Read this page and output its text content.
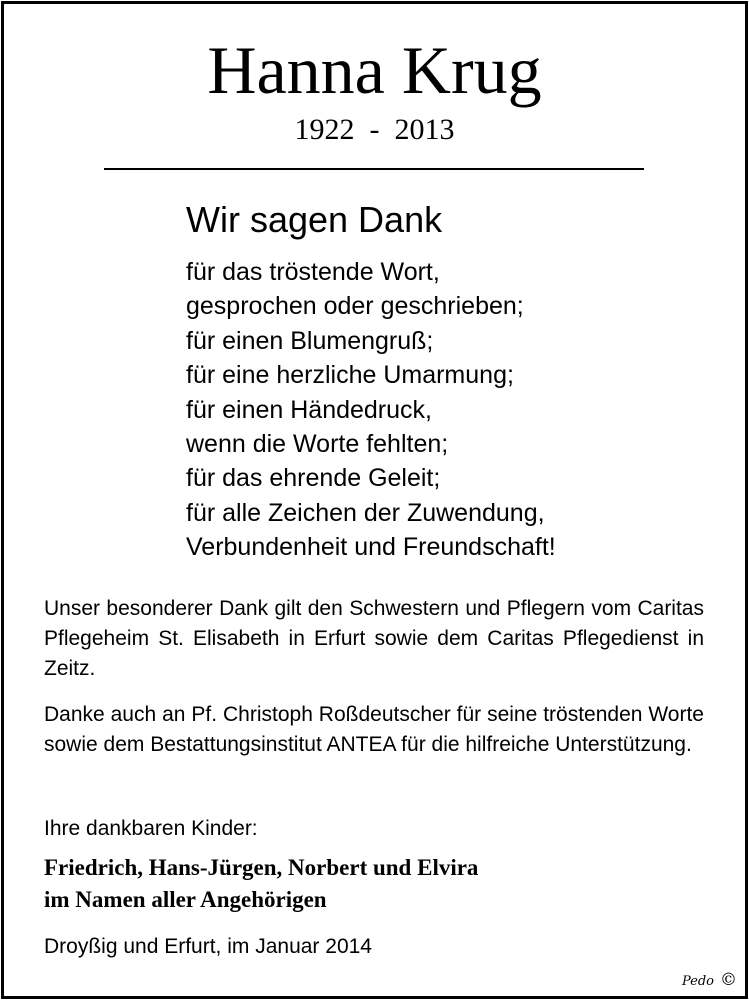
Hanna Krug
1922  -  2013
Wir sagen Dank
für das tröstende Wort,
gesprochen oder geschrieben;
für einen Blumengruß;
für eine herzliche Umarmung;
für einen Händedruck,
wenn die Worte fehlten;
für das ehrende Geleit;
für alle Zeichen der Zuwendung,
Verbundenheit und Freundschaft!

Unser besonderer Dank gilt den Schwestern und Pflegern vom Caritas Pflegeheim St. Elisabeth in Erfurt sowie dem Caritas Pflegedienst in Zeitz.

Danke auch an Pf. Christoph Roßdeutscher für seine tröstenden Worte sowie dem Bestattungsinstitut ANTEA für die hilfreiche Unterstützung.

Ihre dankbaren Kinder:
Friedrich, Hans-Jürgen, Norbert und Elvira
im Namen aller Angehörigen
Droyßig und Erfurt, im Januar 2014
Pedo ©
